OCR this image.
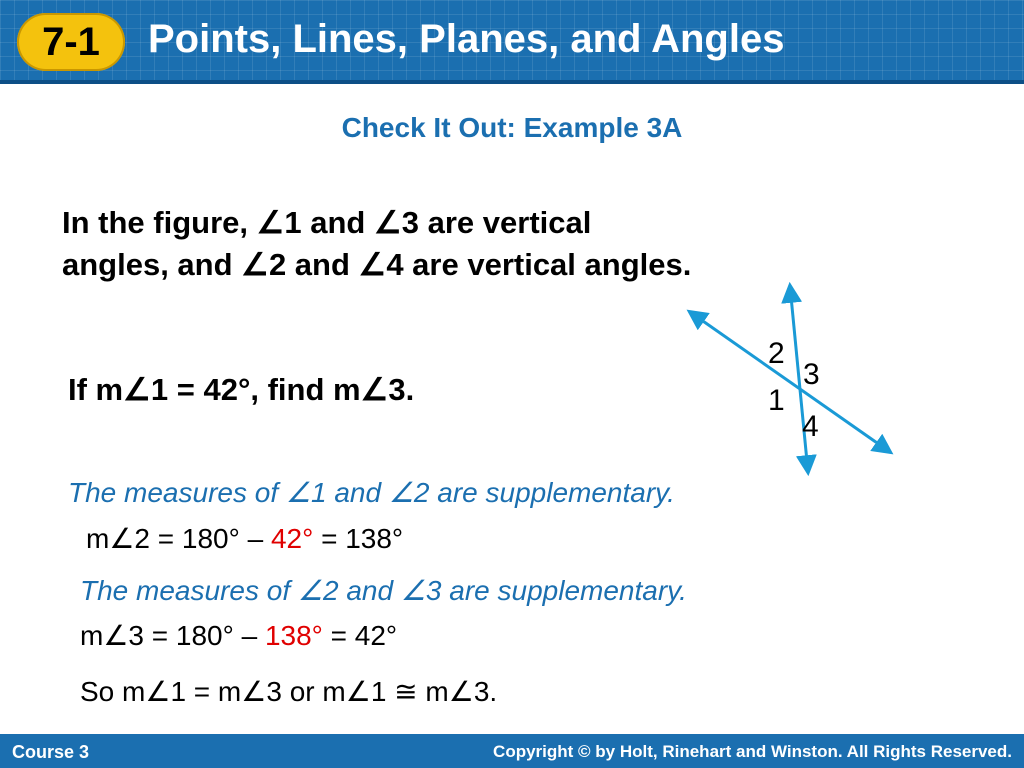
7-1	Points, Lines, Planes, and Angles
Check It Out: Example 3A
In the figure, ∠1 and ∠3 are vertical
angles, and ∠2 and ∠4 are vertical angles.
If m∠1 = 42°, find m∠3.
2
3
1
4
The measures of ∠1 and ∠2 are supplementary.
m∠2 = 180° – 42° = 138°
The measures of ∠2 and ∠3 are supplementary.
m∠3 = 180° – 138° = 42°
So m∠1 = m∠3 or m∠1 ≅ m∠3.
Course 3	Copyright © by Holt, Rinehart and Winston. All Rights Reserved.
